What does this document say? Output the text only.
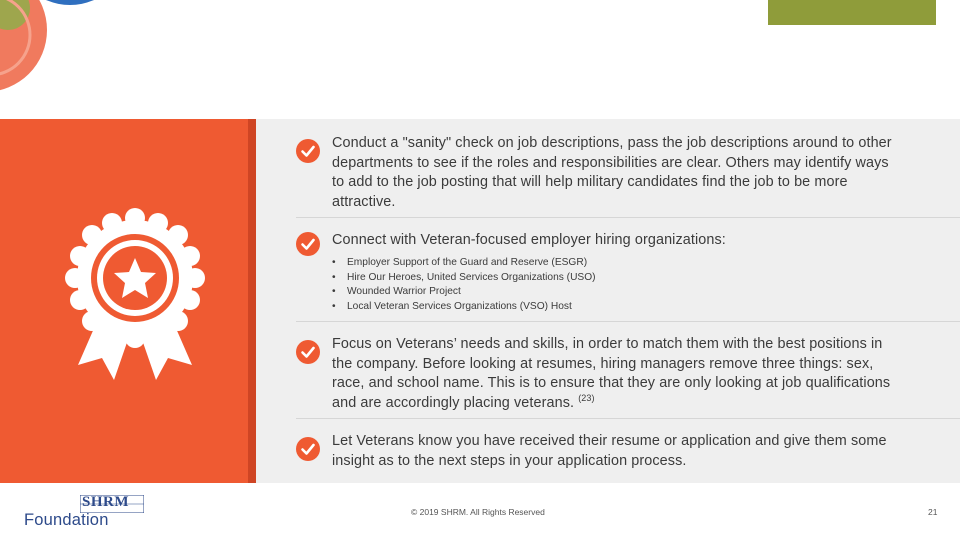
Conduct a "sanity" check on job descriptions, pass the job descriptions around to other departments to see if the roles and responsibilities are clear. Others may identify ways to add to the job posting that will help military candidates find the job to be more attractive.
Connect with Veteran-focused employer hiring organizations:
• Employer Support of the Guard and Reserve (ESGR)
• Hire Our Heroes, United Services Organizations (USO)
• Wounded Warrior Project
• Local Veteran Services Organizations (VSO) Host
Focus on Veterans’ needs and skills, in order to match them with the best positions in the company. Before looking at resumes, hiring managers remove three things: sex, race, and school name. This is to ensure that they are only looking at job qualifications and are accordingly placing veterans. $^{(23)}$
Let Veterans know you have received their resume or application and give them some insight as to the next steps in your application process.
SHRM
Foundation	© 2019 SHRM. All Rights Reserved	21
